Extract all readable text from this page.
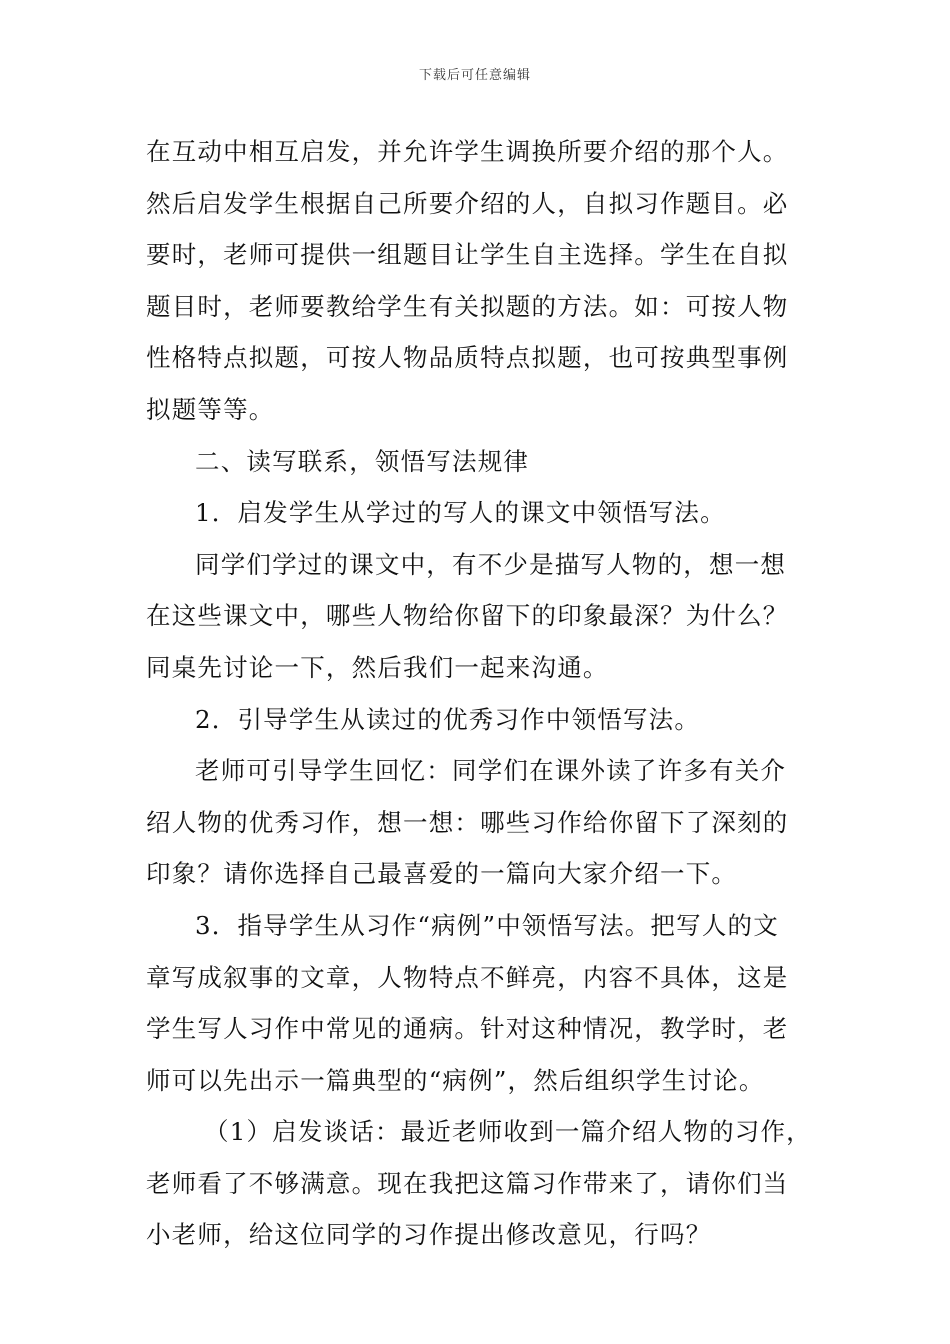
下载后可任意编辑
在互动中相互启发，并允许学生调换所要介绍的那个人。
然后启发学生根据自己所要介绍的人，自拟习作题目。必
要时，老师可提供一组题目让学生自主选择。学生在自拟
题目时，老师要教给学生有关拟题的方法。如：可按人物
性格特点拟题，可按人物品质特点拟题，也可按典型事例
拟题等等。
二、读写联系，领悟写法规律
1．启发学生从学过的写人的课文中领悟写法。
同学们学过的课文中，有不少是描写人物的，想一想
在这些课文中，哪些人物给你留下的印象最深？为什么？
同桌先讨论一下，然后我们一起来沟通。
2．引导学生从读过的优秀习作中领悟写法。
老师可引导学生回忆：同学们在课外读了许多有关介
绍人物的优秀习作，想一想：哪些习作给你留下了深刻的
印象？请你选择自己最喜爱的一篇向大家介绍一下。
3．指导学生从习作“病例”中领悟写法。把写人的文
章写成叙事的文章，人物特点不鲜亮，内容不具体，这是
学生写人习作中常见的通病。针对这种情况，教学时，老
师可以先出示一篇典型的“病例”，然后组织学生讨论。
（1）启发谈话：最近老师收到一篇介绍人物的习作，
老师看了不够满意。现在我把这篇习作带来了，请你们当
小老师，给这位同学的习作提出修改意见，行吗？
